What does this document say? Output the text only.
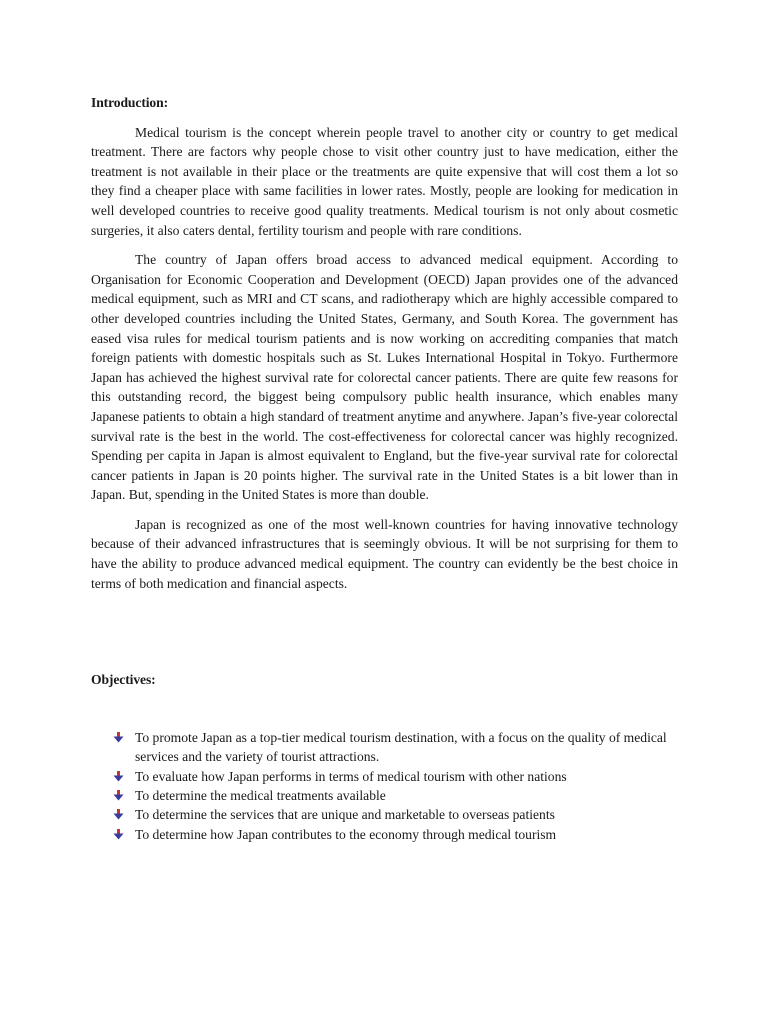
Introduction:

Medical tourism is the concept wherein people travel to another city or country to get medical treatment. There are factors why people chose to visit other country just to have medication, either the treatment is not available in their place or the treatments are quite expensive that will cost them a lot so they find a cheaper place with same facilities in lower rates. Mostly, people are looking for medication in well developed countries to receive good quality treatments. Medical tourism is not only about cosmetic surgeries, it also caters dental, fertility tourism and people with rare conditions.

The country of Japan offers broad access to advanced medical equipment. According to Organisation for Economic Cooperation and Development (OECD) Japan provides one of the advanced medical equipment, such as MRI and CT scans, and radiotherapy which are highly accessible compared to other developed countries including the United States, Germany, and South Korea. The government has eased visa rules for medical tourism patients and is now working on accrediting companies that match foreign patients with domestic hospitals such as St. Lukes International Hospital in Tokyo. Furthermore Japan has achieved the highest survival rate for colorectal cancer patients. There are quite few reasons for this outstanding record, the biggest being compulsory public health insurance, which enables many Japanese patients to obtain a high standard of treatment anytime and anywhere. Japan’s five-year colorectal survival rate is the best in the world. The cost-effectiveness for colorectal cancer was highly recognized. Spending per capita in Japan is almost equivalent to England, but the five-year survival rate for colorectal cancer patients in Japan is 20 points higher. The survival rate in the United States is a bit lower than in Japan. But, spending in the United States is more than double.

Japan is recognized as one of the most well-known countries for having innovative technology because of their advanced infrastructures that is seemingly obvious. It will be not surprising for them to have the ability to produce advanced medical equipment. The country can evidently be the best choice in terms of both medication and financial aspects.

Objectives:

To promote Japan as a top-tier medical tourism destination, with a focus on the quality of medical services and the variety of tourist attractions.
To evaluate how Japan performs in terms of medical tourism with other nations
To determine the medical treatments available
To determine the services that are unique and marketable to overseas patients
To determine how Japan contributes to the economy through medical tourism
